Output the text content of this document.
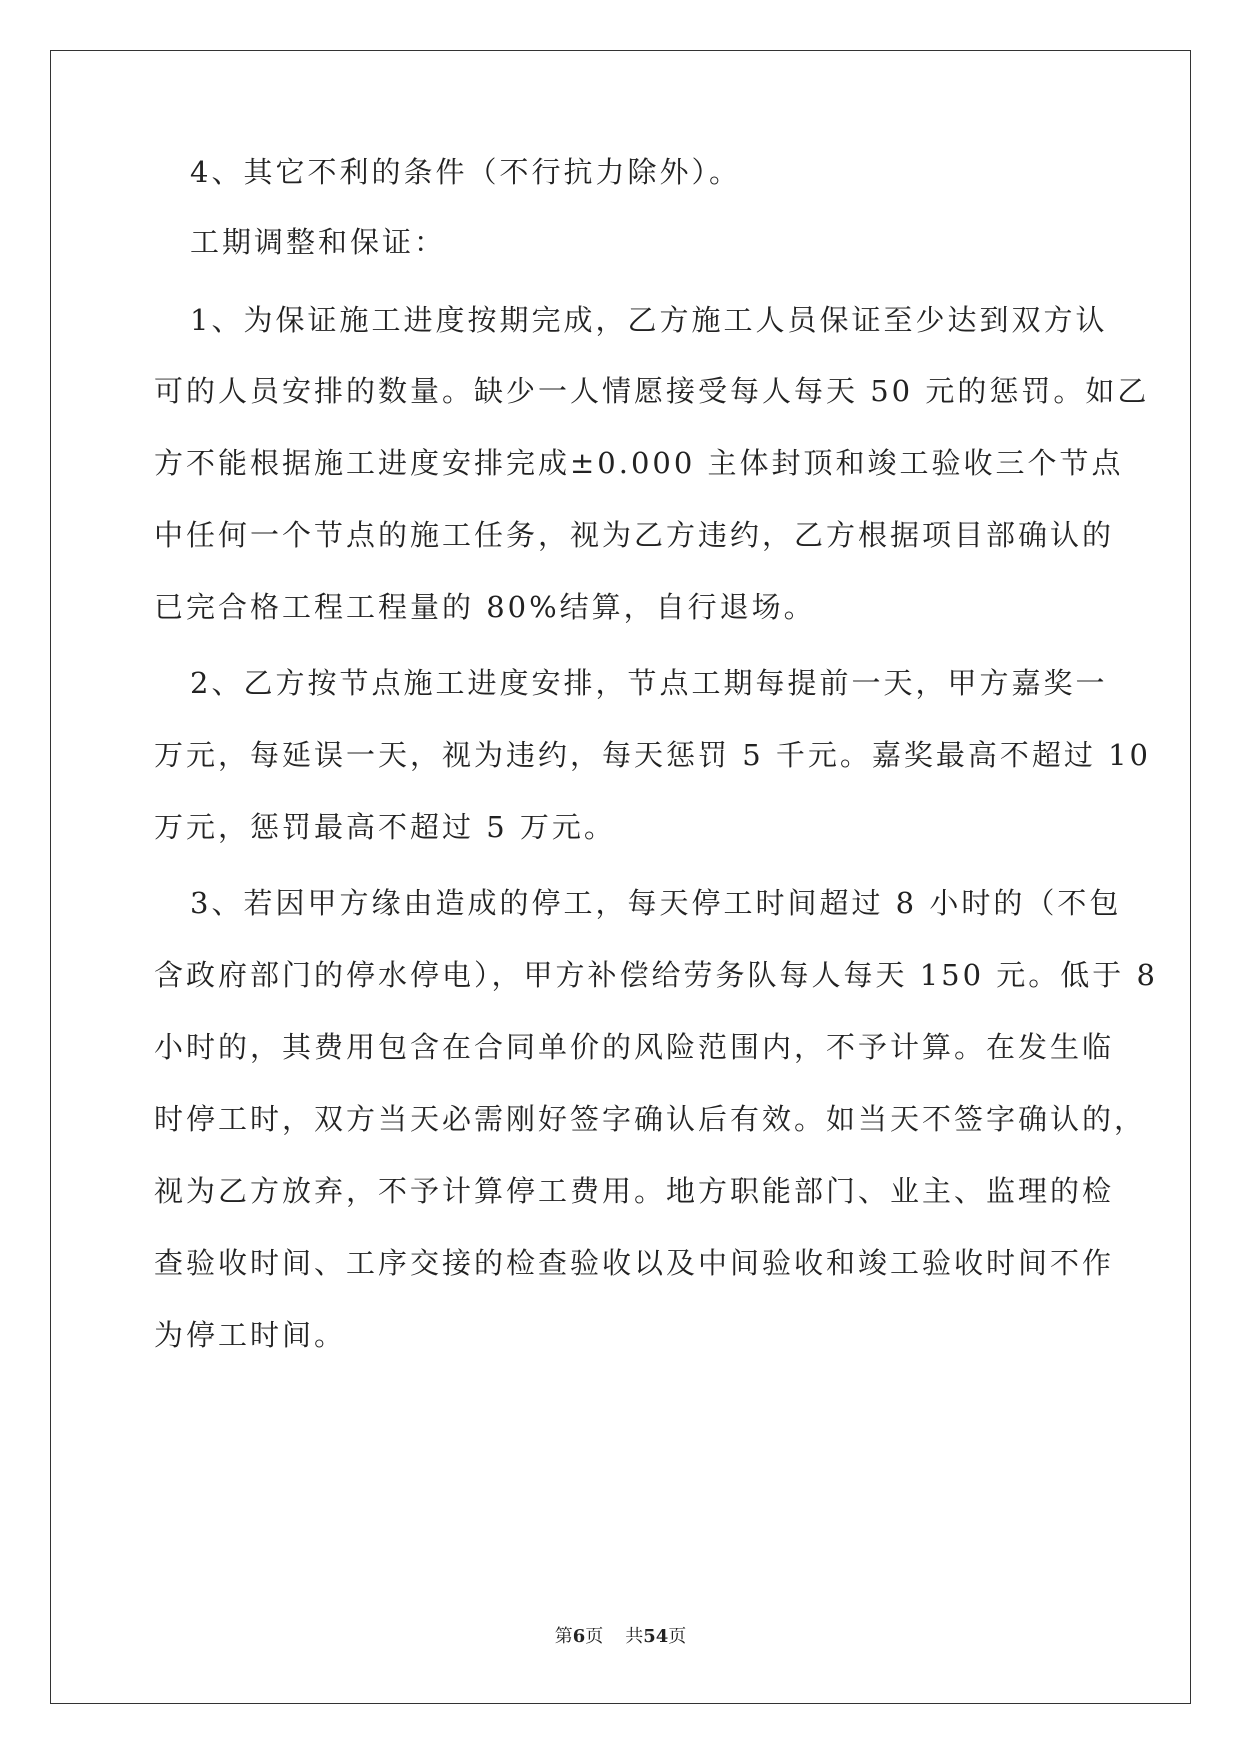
4、其它不利的条件（不行抗力除外）。

工期调整和保证：

1、为保证施工进度按期完成，乙方施工人员保证至少达到双方认

可的人员安排的数量。缺少一人情愿接受每人每天 50 元的惩罚。如乙

方不能根据施工进度安排完成±0.000 主体封顶和竣工验收三个节点

中任何一个节点的施工任务，视为乙方违约，乙方根据项目部确认的

已完合格工程工程量的 80%结算，自行退场。

2、乙方按节点施工进度安排，节点工期每提前一天，甲方嘉奖一

万元，每延误一天，视为违约，每天惩罚 5 千元。嘉奖最高不超过 10

万元，惩罚最高不超过 5 万元。

3、若因甲方缘由造成的停工，每天停工时间超过 8 小时的（不包

含政府部门的停水停电），甲方补偿给劳务队每人每天 150 元。低于 8

小时的，其费用包含在合同单价的风险范围内，不予计算。在发生临

时停工时，双方当天必需刚好签字确认后有效。如当天不签字确认的，

视为乙方放弃，不予计算停工费用。地方职能部门、业主、监理的检

查验收时间、工序交接的检查验收以及中间验收和竣工验收时间不作

为停工时间。

第6页 共54页
